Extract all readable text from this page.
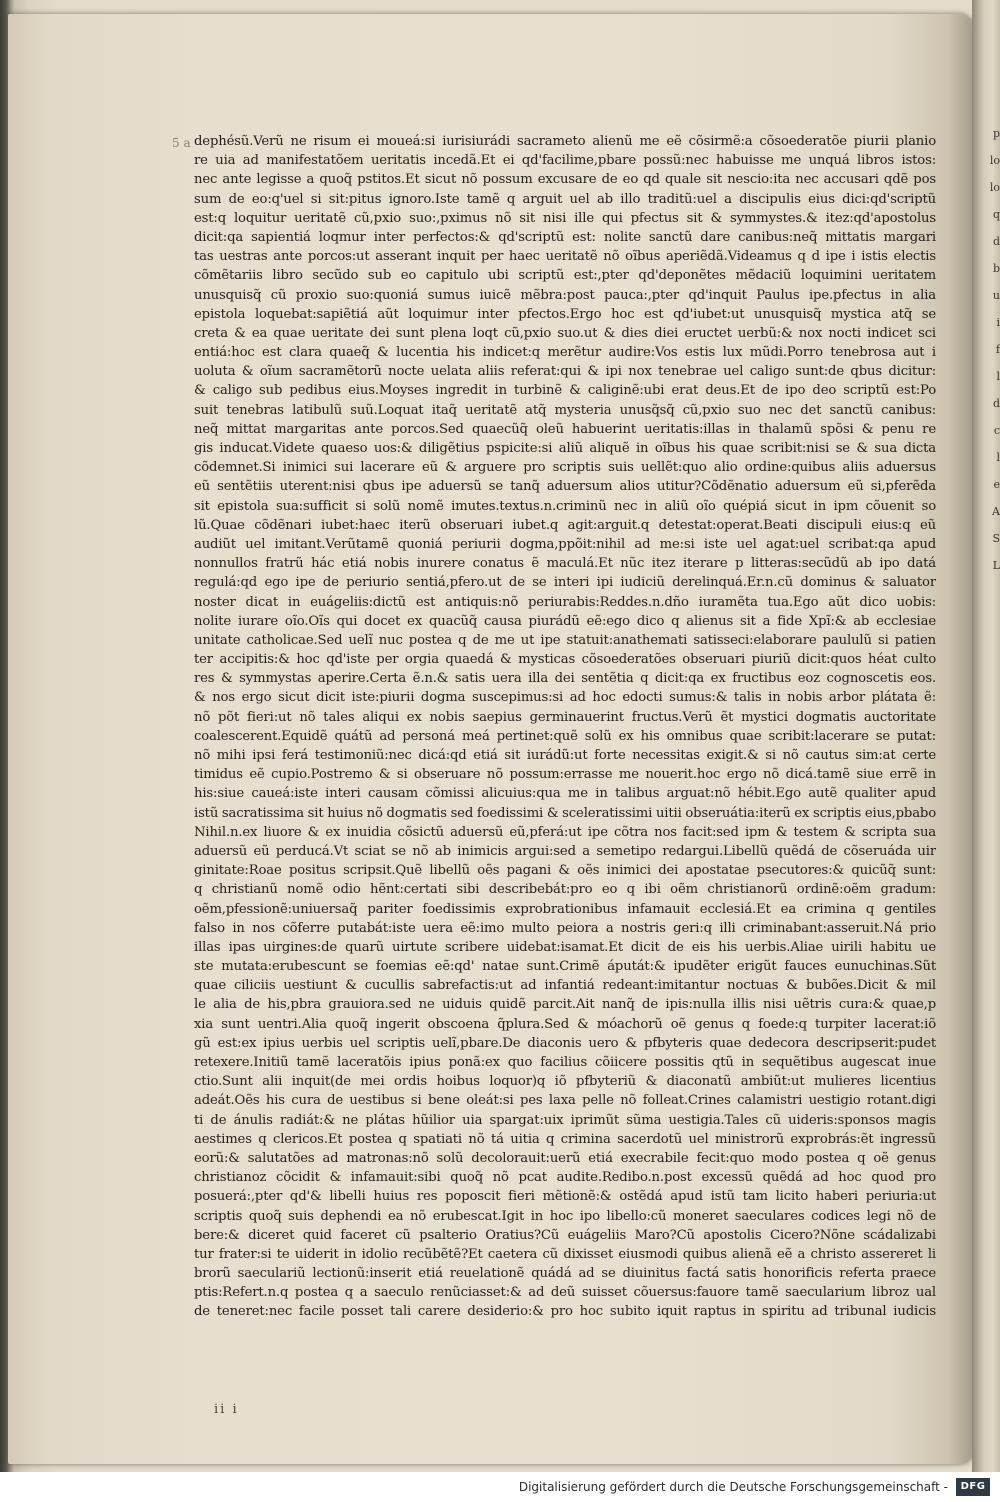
5 a dephésũ.Verũ ne risum ei moueá:si iurisiurádi sacrameto alienũ me eẽ cõsirmẽ:a cõsoederatõe piurii planio
re uia ad manifestatõem ueritatis incedã.Et ei qd'facilime,pbare possũ:nec habuisse me unquá libros istos:
nec ante legisse a quoq̃ pstitos.Et sicut nõ possum excusare de eo qd quale sit nescio:ita nec accusari qdẽ pos
sum de eo:q'uel si sit:pitus ignoro.Iste tamẽ q arguit uel ab illo traditũ:uel a discipulis eius dici:qd'scriptũ
est:q loquitur ueritatẽ cũ,pxio suo:,pximus nõ sit nisi ille qui pfectus sit & symmystes.& itez:qd'apostolus
dicit:qa sapientiá loqmur inter perfectos:& qd'scriptũ est: nolite sanctũ dare canibus:neq̃ mittatis margari
tas uestras ante porcos:ut asserant inquit per haec ueritatẽ nõ oĩbus aperiẽdã.Videamus q d ipe i istis electis
cõmẽtariis libro secũdo sub eo capitulo ubi scriptũ est:,pter qd'deponẽtes mẽdaciũ loquimini ueritatem
unusquisq̃ cũ proxio suo:quoniá sumus iuicẽ mẽbra:post pauca:,pter qd'inquit Paulus ipe.pfectus in alia
epistola loquebat:sapiẽtiá aũt loquimur inter pfectos.Ergo hoc est qd'iubet:ut unusquisq̃ mystica atq̃ se
creta & ea quae ueritate dei sunt plena loqt cũ,pxio suo.ut & dies diei eructet uerbũ:& nox nocti indicet sci
entiá:hoc est clara quaeq̃ & lucentia his indicet:q merẽtur audire:Vos estis lux mũdi.Porro tenebrosa aut i
uoluta & oĩum sacramẽtorũ nocte uelata aliis referat:qui & ipi nox tenebrae uel caligo sunt:de qbus dicitur:
& caligo sub pedibus eius.Moyses ingredit in turbinẽ & caliginẽ:ubi erat deus.Et de ipo deo scriptũ est:Po
suit tenebras latibulũ suũ.Loquat itaq̃ ueritatẽ atq̃ mysteria unusq̃sq̃ cũ,pxio suo nec det sanctũ canibus:
neq̃ mittat margaritas ante porcos.Sed quaecũq̃ oleũ habuerint ueritatis:illas in thalamũ spõsi & penu re
gis inducat.Videte quaeso uos:& diligẽtius pspicite:si aliũ aliquẽ in oĩbus his quae scribit:nisi se & sua dicta
cõdemnet.Si inimici sui lacerare eũ & arguere pro scriptis suis uellẽt:quo alio ordine:quibus aliis aduersus
eũ sentẽtiis uterent:nisi qbus ipe aduersũ se tanq̃ aduersum alios utitur?Cõdẽnatio aduersum eũ si,pferẽda
sit epistola sua:sufficit si solũ nomẽ imutes.textus.n.criminũ nec in aliũ oĩo quépiá sicut in ipm cõuenit so
lũ.Quae cõdẽnari iubet:haec iterũ obseruari iubet.q agit:arguit.q detestat:operat.Beati discipuli eius:q eũ
audiũt uel imitant.Verũtamẽ quoniá periurii dogma,ppõit:nihil ad me:si iste uel agat:uel scribat:qa apud
nonnullos fratrũ hác etiá nobis inurere conatus ẽ maculá.Et nũc itez iterare p litteras:secũdũ ab ipo datá
regulá:qd ego ipe de periurio sentiá,pfero.ut de se interi ipi iudiciũ derelinquá.Er.n.cũ dominus & saluator
noster dicat in euágeliis:dictũ est antiquis:nõ periurabis:Reddes.n.dño iuramẽta tua.Ego aũt dico uobis:
nolite iurare oĩo.Oĩs qui docet ex quacũq̃ causa piurádũ eẽ:ego dico q alienus sit a fide Xpĩ:& ab ecclesiae
unitate catholicae.Sed uelĩ nuc postea q de me ut ipe statuit:anathemati satisseci:elaborare paululũ si patien
ter accipitis:& hoc qd'iste per orgia quaedá & mysticas cõsoederatões obseruari piuriũ dicit:quos héat culto
res & symmystas aperire.Certa ẽ.n.& satis uera illa dei sentẽtia q dicit:qa ex fructibus eoz cognoscetis eos.
& nos ergo sicut dicit iste:piurii dogma suscepimus:si ad hoc edocti sumus:& talis in nobis arbor plátata ẽ:
nõ põt fieri:ut nõ tales aliqui ex nobis saepius germinauerint fructus.Verũ ẽt mystici dogmatis auctoritate
coalescerent.Equidẽ quátũ ad personá meá pertinet:quẽ solũ ex his omnibus quae scribit:lacerare se putat:
nõ mihi ipsi ferá testimoniũ:nec dicá:qd etiá sit iurádũ:ut forte necessitas exigit.& si nõ cautus sim:at certe
timidus eẽ cupio.Postremo & si obseruare nõ possum:errasse me nouerit.hoc ergo nõ dicá.tamẽ siue errẽ in
his:siue caueá:iste interi causam cõmissi alicuius:qua me in talibus arguat:nõ hébit.Ego autẽ qualiter apud
istũ sacratissima sit huius nõ dogmatis sed foedissimi & sceleratissimi uitii obseruátia:iterũ ex scriptis eius,pbabo
Nihil.n.ex liuore & ex inuidia cõsictũ aduersũ eũ,pferá:ut ipe cõtra nos facit:sed ipm & testem & scripta sua
aduersũ eũ perducá.Vt sciat se nõ ab inimicis argui:sed a semetipo redargui.Libellũ quẽdá de cõseruáda uir
ginitate:Roae positus scripsit.Quẽ libellũ oẽs pagani & oẽs inimici dei apostatae psecutores:& quicũq̃ sunt:
q christianũ nomẽ odio hẽnt:certati sibi describebát:pro eo q ibi oẽm christianorũ ordinẽ:oẽm gradum:
oẽm,pfessionẽ:uniuersaq̃ pariter foedissimis exprobrationibus infamauit ecclesiá.Et ea crimina q gentiles
falso in nos cõferre putabát:iste uera eẽ:imo multo peiora a nostris geri:q illi criminabant:asseruit.Ná prio
illas ipas uirgines:de quarũ uirtute scribere uidebat:isamat.Et dicit de eis his uerbis.Aliae uirili habitu ue
ste mutata:erubescunt se foemias eẽ:qd' natae sunt.Crimẽ áputát:& ipudẽter erigũt fauces eunuchinas.Sũt
quae ciliciis uestiunt & cucullis sabrefactis:ut ad infantiá redeant:imitantur noctuas & bubões.Dicit & mil
le alia de his,pbra grauiora.sed ne uiduis quidẽ parcit.Ait nanq̃ de ipis:nulla illis nisi uẽtris cura:& quae,p
xia sunt uentri.Alia quoq̃ ingerit obscoena q̃plura.Sed & móachorũ oẽ genus q foede:q turpiter lacerat:iõ
gũ est:ex ipius uerbis uel scriptis uelĩ,pbare.De diaconis uero & pfbyteris quae dedecora descripserit:pudet
retexere.Initiũ tamẽ laceratõis ipius ponã:ex quo facilius cõiicere possitis qtũ in sequẽtibus augescat inue
ctio.Sunt alii inquit(de mei ordis hoibus loquor)q iõ pfbyteriũ & diaconatũ ambiũt:ut mulieres licentius
adeát.Oẽs his cura de uestibus si bene oleát:si pes laxa pelle nõ folleat.Crines calamistri uestigio rotant.digi
ti de ánulis radiát:& ne plátas hũilior uia spargat:uix iprimũt sũma uestigia.Tales cũ uideris:sponsos magis
aestimes q clericos.Et postea q spatiati nõ tá uitia q crimina sacerdotũ uel ministrorũ exprobrás:ẽt ingressũ
eorũ:& salutatões ad matronas:nõ solũ decolorauit:uerũ etiá execrabile fecit:quo modo postea q oẽ genus
christianoz cõcidit & infamauit:sibi quoq̃ nõ pcat audite.Redibo.n.post excessũ quẽdá ad hoc quod pro
posuerá:,pter qd'& libelli huius res poposcit fieri mẽtionẽ:& ostẽdá apud istũ tam licito haberi periuria:ut
scriptis quoq̃ suis dephendi ea nõ erubescat.Igit in hoc ipo libello:cũ moneret saeculares codices legi nõ de
bere:& diceret quid faceret cũ psalterio Oratius?Cũ euágeliis Maro?Cũ apostolis Cicero?Nõne scádalizabi
tur frater:si te uiderit in idolio recũbẽtẽ?Et caetera cũ dixisset eiusmodi quibus alienã eẽ a christo assereret li
brorũ saeculariũ lectionũ:inserit etiá reuelationẽ quádá ad se diuinitus factá satis honorificis referta praece
ptis:Refert.n.q postea q a saeculo renũciasset:& ad deũ suisset cõuersus:fauore tamẽ saecularium libroz ual
de teneret:nec facile posset tali carere desiderio:& pro hoc subito iquit raptus in spiritu ad tribunal iudicis
ii i
p
lo
lo
q
d
b
u
i
f
l
d
c
l
e
A
S
L
Digitalisierung gefördert durch die Deutsche Forschungsgemeinschaft -	DFG
